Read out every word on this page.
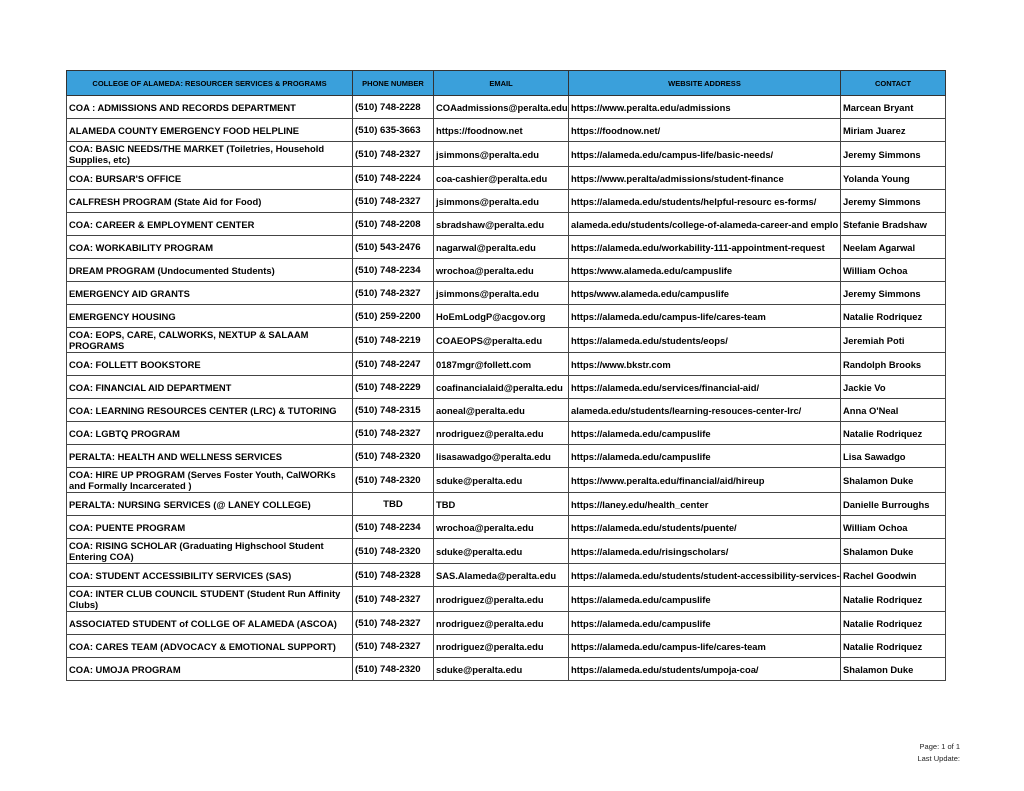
COLLEGE OF ALAMEDA: RESOURCER SERVICES & PROGRAMS	PHONE NUMBER	EMAIL	WEBSITE ADDRESS	CONTACT
COA : ADMISSIONS AND RECORDS DEPARTMENT	(510) 748-2228	COAadmissions@peralta.edu	https://www.peralta.edu/admissions	Marcean Bryant
ALAMEDA COUNTY EMERGENCY FOOD HELPLINE	(510) 635-3663	https://foodnow.net	https://foodnow.net/	Miriam Juarez
COA: BASIC NEEDS/THE MARKET (Toiletries, Household Supplies, etc)	(510) 748-2327	jsimmons@peralta.edu	https://alameda.edu/campus-life/basic-needs/	Jeremy Simmons
COA: BURSAR'S OFFICE	(510) 748-2224	coa-cashier@peralta.edu	https://www.peralta/admissions/student-finance	Yolanda Young
CALFRESH PROGRAM (State Aid for Food)	(510) 748-2327	jsimmons@peralta.edu	https://alameda.edu/students/helpful-resourc es-forms/	Jeremy Simmons
COA: CAREER & EMPLOYMENT CENTER	(510) 748-2208	sbradshaw@peralta.edu	alameda.edu/students/college-of-alameda-career-and emplo	Stefanie Bradshaw
COA: WORKABILITY PROGRAM	(510) 543-2476	nagarwal@peralta.edu	https://alameda.edu/workability-111-appointment-request	Neelam Agarwal
DREAM PROGRAM (Undocumented Students)	(510) 748-2234	wrochoa@peralta.edu	https:/www.alameda.edu/campuslife	William Ochoa
EMERGENCY AID GRANTS	(510) 748-2327	jsimmons@peralta.edu	https/www.alameda.edu/campuslife	Jeremy Simmons
EMERGENCY HOUSING	(510) 259-2200	HoEmLodgP@acgov.org	https://alameda.edu/campus-life/cares-team	Natalie Rodriquez
COA: EOPS, CARE, CALWORKS, NEXTUP & SALAAM PROGRAMS	(510) 748-2219	COAEOPS@peralta.edu	https://alameda.edu/students/eops/	Jeremiah Poti
COA: FOLLETT BOOKSTORE	(510) 748-2247	0187mgr@follett.com	https://www.bkstr.com	Randolph Brooks
COA: FINANCIAL AID DEPARTMENT	(510) 748-2229	coafinancialaid@peralta.edu	https://alameda.edu/services/financial-aid/	Jackie Vo
COA: LEARNING RESOURCES CENTER (LRC) & TUTORING	(510) 748-2315	aoneal@peralta.edu	alameda.edu/students/learning-resouces-center-lrc/	Anna O'Neal
COA: LGBTQ PROGRAM	(510) 748-2327	nrodriguez@peralta.edu	https://alameda.edu/campuslife	Natalie Rodriquez
PERALTA: HEALTH AND WELLNESS SERVICES	(510) 748-2320	lisasawadgo@peralta.edu	https://alameda.edu/campuslife	Lisa Sawadgo
COA: HIRE UP PROGRAM (Serves Foster Youth, CalWORKs and Formally Incarcerated )	(510) 748-2320	sduke@peralta.edu	https://www.peralta.edu/financial/aid/hireup	Shalamon Duke
PERALTA: NURSING SERVICES (@ LANEY COLLEGE)	TBD	TBD	https://laney.edu/health_center	Danielle Burroughs
COA: PUENTE PROGRAM	(510) 748-2234	wrochoa@peralta.edu	https://alameda.edu/students/puente/	William Ochoa
COA: RISING SCHOLAR (Graduating Highschool Student Entering COA)	(510) 748-2320	sduke@peralta.edu	https://alameda.edu/risingscholars/	Shalamon Duke
COA: STUDENT ACCESSIBILITY SERVICES (SAS)	(510) 748-2328	SAS.Alameda@peralta.edu	https://alameda.edu/students/student-accessibility-services-	Rachel Goodwin
COA: INTER CLUB COUNCIL STUDENT (Student Run Affinity Clubs)	(510) 748-2327	nrodriguez@peralta.edu	https://alameda.edu/campuslife	Natalie Rodriquez
ASSOCIATED STUDENT of COLLGE OF ALAMEDA (ASCOA)	(510) 748-2327	nrodriguez@peralta.edu	https://alameda.edu/campuslife	Natalie Rodriquez
COA: CARES TEAM (ADVOCACY & EMOTIONAL SUPPORT)	(510) 748-2327	nrodriguez@peralta.edu	https://alameda.edu/campus-life/cares-team	Natalie Rodriquez
COA: UMOJA PROGRAM	(510) 748-2320	sduke@peralta.edu	https://alameda.edu/students/umpoja-coa/	Shalamon Duke
Page: 1 of 1
Last Update:
